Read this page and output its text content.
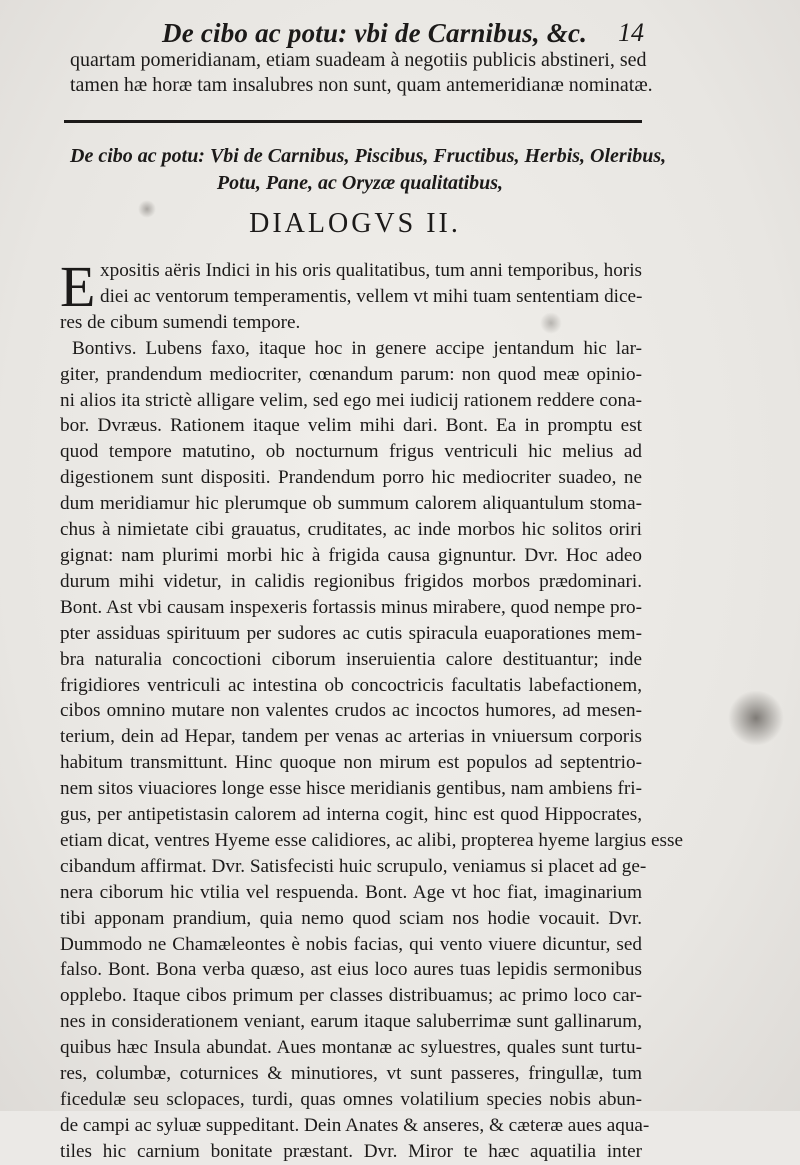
De cibo ac potu: vbi de Carnibus, &c. 14
quartam pomeridianam, etiam suadeam à negotiis publicis abstineri, sed
tamen hæ horæ tam insalubres non sunt, quam antemeridianæ nominatæ.
De cibo ac potu: Vbi de Carnibus, Piscibus, Fructibus, Herbis, Oleribus,
Potu, Pane, ac Oryzæ qualitatibus,
DIALOGVS II.
E xpositis aëris Indici in his oris qualitatibus, tum anni temporibus, horis
diei ac ventorum temperamentis, vellem vt mihi tuam sententiam dice-
res de cibum sumendi tempore.
Bontivs. Lubens faxo, itaque hoc in genere accipe jentandum hic lar-
giter, prandendum mediocriter, cœnandum parum: non quod meæ opinio-
ni alios ita strictè alligare velim, sed ego mei iudicij rationem reddere cona-
bor. Dvræus. Rationem itaque velim mihi dari. Bont. Ea in promptu est
quod tempore matutino, ob nocturnum frigus ventriculi hic melius ad
digestionem sunt dispositi. Prandendum porro hic mediocriter suadeo, ne
dum meridiamur hic plerumque ob summum calorem aliquantulum stoma-
chus à nimietate cibi grauatus, cruditates, ac inde morbos hic solitos oriri
gignat: nam plurimi morbi hic à frigida causa gignuntur. Dvr. Hoc adeo
durum mihi videtur, in calidis regionibus frigidos morbos prædominari.
Bont. Ast vbi causam inspexeris fortassis minus mirabere, quod nempe pro-
pter assiduas spirituum per sudores ac cutis spiracula euaporationes mem-
bra naturalia concoctioni ciborum inseruientia calore destituantur; inde
frigidiores ventriculi ac intestina ob concoctricis facultatis labefactionem,
cibos omnino mutare non valentes crudos ac incoctos humores, ad mesen-
terium, dein ad Hepar, tandem per venas ac arterias in vniuersum corporis
habitum transmittunt. Hinc quoque non mirum est populos ad septentrio-
nem sitos viuaciores longe esse hisce meridianis gentibus, nam ambiens fri-
gus, per antipetistasin calorem ad interna cogit, hinc est quod Hippocrates,
etiam dicat, ventres Hyeme esse calidiores, ac alibi, propterea hyeme largius esse
cibandum affirmat. Dvr. Satisfecisti huic scrupulo, veniamus si placet ad ge-
nera ciborum hic vtilia vel respuenda. Bont. Age vt hoc fiat, imaginarium
tibi apponam prandium, quia nemo quod sciam nos hodie vocauit. Dvr.
Dummodo ne Chamæleontes è nobis facias, qui vento viuere dicuntur, sed
falso. Bont. Bona verba quæso, ast eius loco aures tuas lepidis sermonibus
opplebo. Itaque cibos primum per classes distribuamus; ac primo loco car-
nes in considerationem veniant, earum itaque saluberrimæ sunt gallinarum,
quibus hæc Insula abundat. Aues montanæ ac syluestres, quales sunt turtu-
res, columbæ, coturnices & minutiores, vt sunt passeres, fringullæ, tum
ficedulæ seu sclopaces, turdi, quas omnes volatilium species nobis abun-
de campi ac syluæ suppeditant. Dein Anates & anseres, & cæteræ aues aqua-
tiles hic carnium bonitate præstant. Dvr. Miror te hæc aquatilia inter
